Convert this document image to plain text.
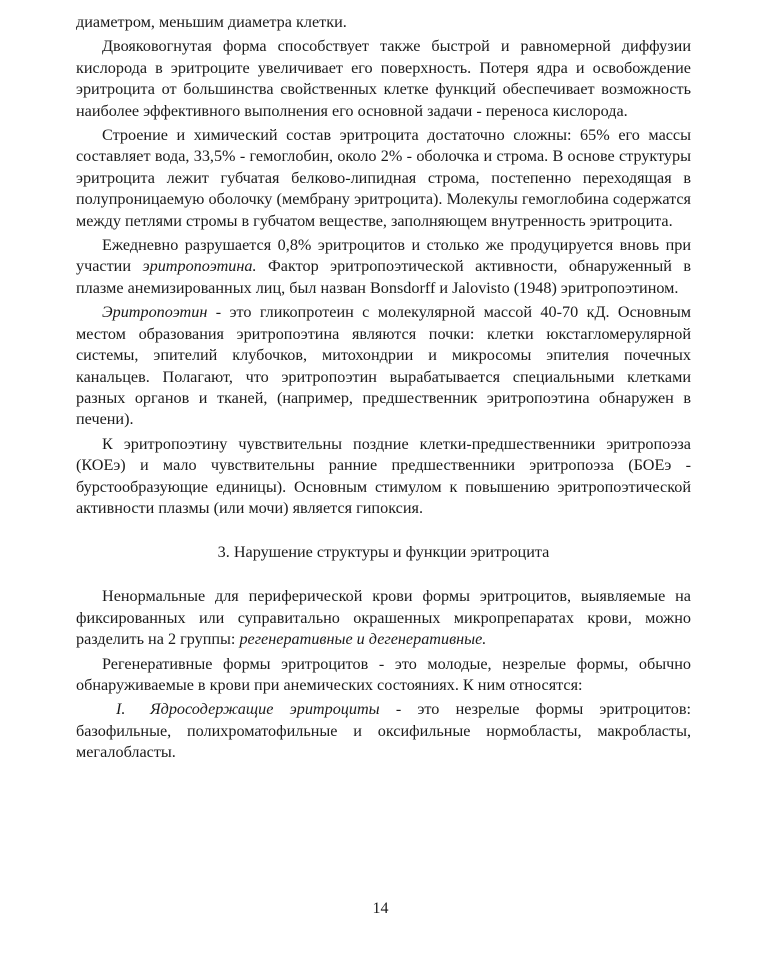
диаметром, меньшим диаметра клетки.

Двояковогнутая форма способствует также быстрой и равномерной диффузии кислорода в эритроците увеличивает его поверхность. Потеря ядра и освобождение эритроцита от большинства свойственных клетке функций обеспечивает возможность наиболее эффективного выполнения его основной задачи - переноса кислорода.

Строение и химический состав эритроцита достаточно сложны: 65% его массы составляет вода, 33,5% - гемоглобин, около 2% - оболочка и строма. В основе структуры эритроцита лежит губчатая белково-липидная строма, постепенно переходящая в полупроницаемую оболочку (мембрану эритроцита). Молекулы гемоглобина содержатся между петлями стромы в губчатом веществе, заполняющем внутренность эритроцита.

Ежедневно разрушается 0,8% эритроцитов и столько же продуцируется вновь при участии эритропоэтина. Фактор эритропоэтической активности, обнаруженный в плазме анемизированных лиц, был назван Bonsdorff и Jalovisto (1948) эритропоэтином.

Эритропоэтин - это гликопротеин с молекулярной массой 40-70 кД. Основным местом образования эритропоэтина являются почки: клетки юкстагломерулярной системы, эпителий клубочков, митохондрии и микросомы эпителия почечных канальцев. Полагают, что эритропоэтин вырабатывается специальными клетками разных органов и тканей, (например, предшественник эритропоэтина обнаружен в печени).

К эритропоэтину чувствительны поздние клетки-предшественники эритропоэза (КОЕэ) и мало чувствительны ранние предшественники эритропоэза (БОЕэ - бурстообразующие единицы). Основным стимулом к повышению эритропоэтической активности плазмы (или мочи) является гипоксия.

3. Нарушение структуры и функции эритроцита

Ненормальные для периферической крови формы эритроцитов, выявляемые на фиксированных или суправитально окрашенных микропрепаратах крови, можно разделить на 2 группы: регенеративные и дегенеративные.

Регенеративные формы эритроцитов - это молодые, незрелые формы, обычно обнаруживаемые в крови при анемических состояниях. К ним относятся:

I. Ядросодержащие эритроциты - это незрелые формы эритроцитов: базофильные, полихроматофильные и оксифильные нормобласты, макробласты, мегалобласты.

14
